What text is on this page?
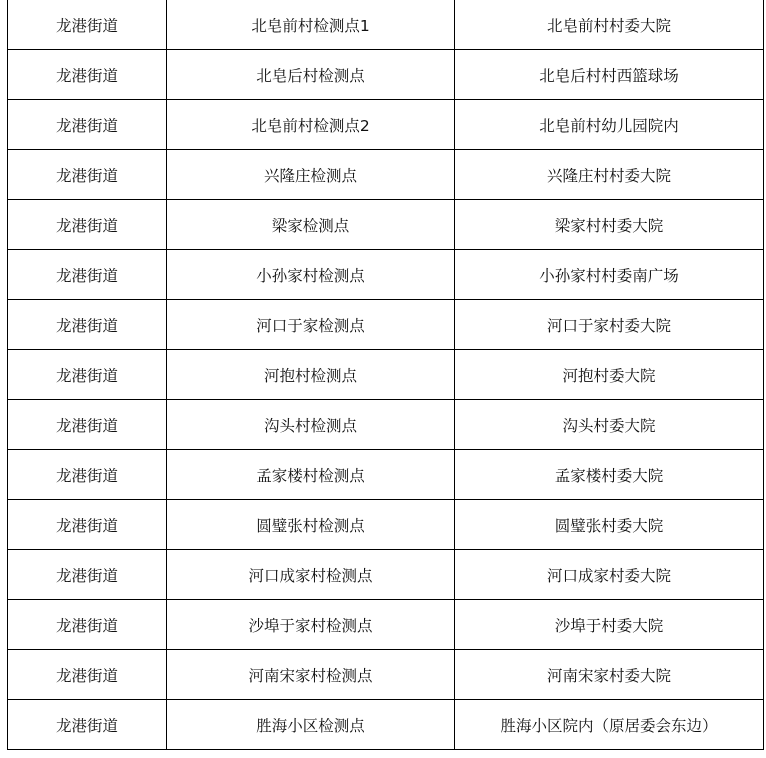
龙港街道	北皂前村检测点1	北皂前村村委大院
龙港街道	北皂后村检测点	北皂后村村西篮球场
龙港街道	北皂前村检测点2	北皂前村幼儿园院内
龙港街道	兴隆庄检测点	兴隆庄村村委大院
龙港街道	梁家检测点	梁家村村委大院
龙港街道	小孙家村检测点	小孙家村村委南广场
龙港街道	河口于家检测点	河口于家村委大院
龙港街道	河抱村检测点	河抱村委大院
龙港街道	沟头村检测点	沟头村委大院
龙港街道	孟家楼村检测点	孟家楼村委大院
龙港街道	圆璧张村检测点	圆璧张村委大院
龙港街道	河口成家村检测点	河口成家村委大院
龙港街道	沙埠于家村检测点	沙埠于村委大院
龙港街道	河南宋家村检测点	河南宋家村委大院
龙港街道	胜海小区检测点	胜海小区院内（原居委会东边）
